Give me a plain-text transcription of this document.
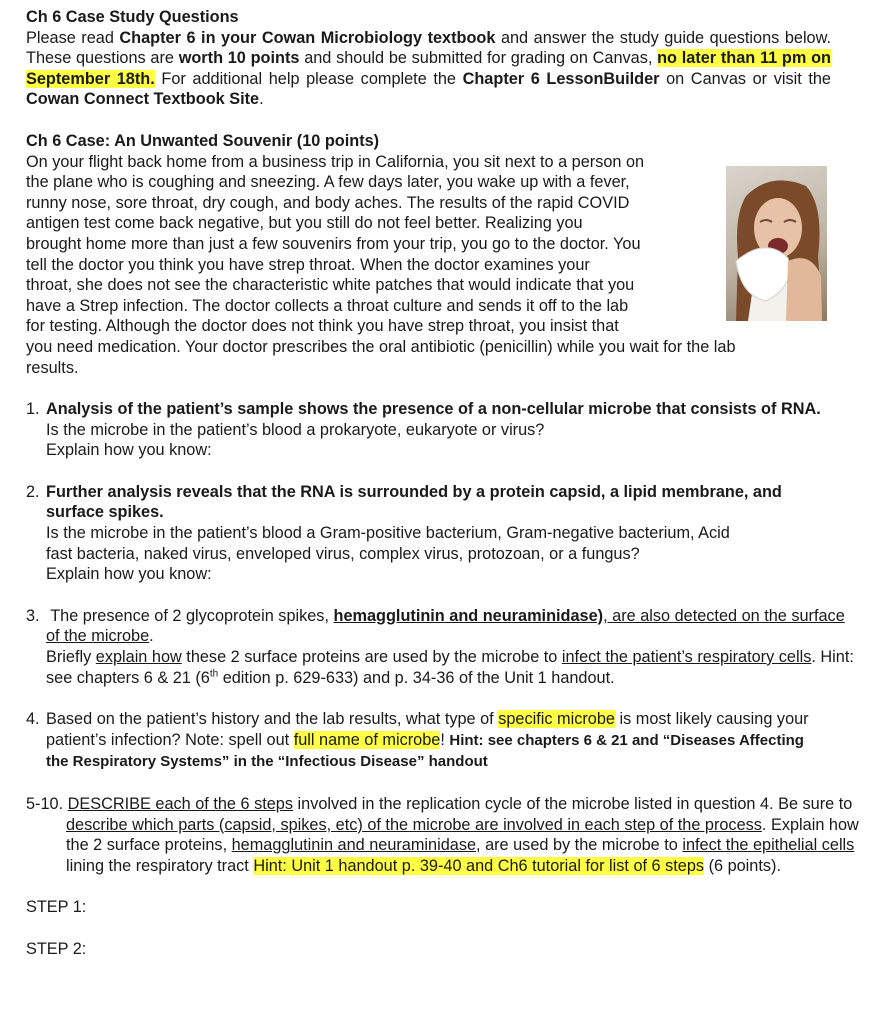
Ch 6 Case Study Questions

Please read Chapter 6 in your Cowan Microbiology textbook and answer the study guide questions below. These questions are worth 10 points and should be submitted for grading on Canvas, no later than 11 pm on September 18th. For additional help please complete the Chapter 6 LessonBuilder on Canvas or visit the Cowan Connect Textbook Site.

Ch 6 Case: An Unwanted Souvenir (10 points)

On your flight back home from a business trip in California, you sit next to a person on

the plane who is coughing and sneezing. A few days later, you wake up with a fever,

runny nose, sore throat, dry cough, and body aches. The results of the rapid COVID

antigen test come back negative, but you still do not feel better. Realizing you

brought home more than just a few souvenirs from your trip, you go to the doctor. You

tell the doctor you think you have strep throat. When the doctor examines your

throat, she does not see the characteristic white patches that would indicate that you

have a Strep infection. The doctor collects a throat culture and sends it off to the lab

for testing. Although the doctor does not think you have strep throat, you insist that

you need medication. Your doctor prescribes the oral antibiotic (penicillin) while you wait for the lab

results.

1. Analysis of the patient’s sample shows the presence of a non-cellular microbe that consists of RNA.

Is the microbe in the patient’s blood a prokaryote, eukaryote or virus?

Explain how you know:

2. Further analysis reveals that the RNA is surrounded by a protein capsid, a lipid membrane, and surface spikes.

Is the microbe in the patient’s blood a Gram-positive bacterium, Gram-negative bacterium, Acid fast bacteria, naked virus, enveloped virus, complex virus, protozoan, or a fungus?

Explain how you know:

3. The presence of 2 glycoprotein spikes, hemagglutinin and neuraminidase), are also detected on the surface of the microbe.

Briefly explain how these 2 surface proteins are used by the microbe to infect the patient’s respiratory cells. Hint: see chapters 6 & 21 (6th edition p. 629-633) and p. 34-36 of the Unit 1 handout.

4. Based on the patient’s history and the lab results, what type of specific microbe is most likely causing your patient’s infection? Note: spell out full name of microbe! Hint: see chapters 6 & 21 and “Diseases Affecting the Respiratory Systems” in the “Infectious Disease” handout

5-10. DESCRIBE each of the 6 steps involved in the replication cycle of the microbe listed in question 4. Be sure to describe which parts (capsid, spikes, etc) of the microbe are involved in each step of the process. Explain how the 2 surface proteins, hemagglutinin and neuraminidase, are used by the microbe to infect the epithelial cells lining the respiratory tract Hint: Unit 1 handout p. 39-40 and Ch6 tutorial for list of 6 steps (6 points).

STEP 1:

STEP 2:
